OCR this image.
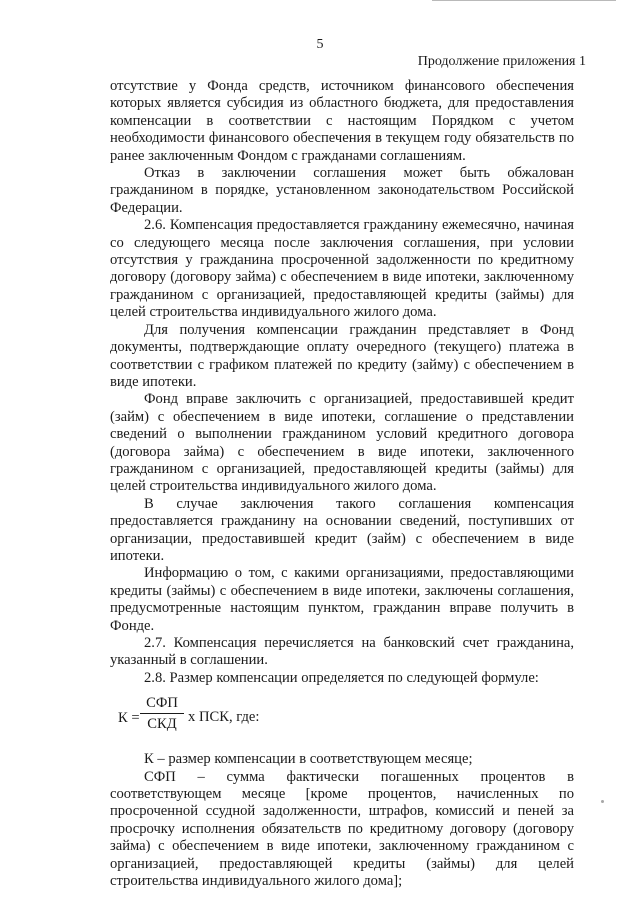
5
Продолжение приложения 1

отсутствие у Фонда средств, источником финансового обеспечения которых является субсидия из областного бюджета, для предоставления компенсации в соответствии с настоящим Порядком с учетом необходимости финансового обеспечения в текущем году обязательств по ранее заключенным Фондом с гражданами соглашениям.

Отказ в заключении соглашения может быть обжалован гражданином в порядке, установленном законодательством Российской Федерации.

2.6. Компенсация предоставляется гражданину ежемесячно, начиная со следующего месяца после заключения соглашения, при условии отсутствия у гражданина просроченной задолженности по кредитному договору (договору займа) с обеспечением в виде ипотеки, заключенному гражданином с организацией, предоставляющей кредиты (займы) для целей строительства индивидуального жилого дома.

Для получения компенсации гражданин представляет в Фонд документы, подтверждающие оплату очередного (текущего) платежа в соответствии с графиком платежей по кредиту (займу) с обеспечением в виде ипотеки.

Фонд вправе заключить с организацией, предоставившей кредит (займ) с обеспечением в виде ипотеки, соглашение о представлении сведений о выполнении гражданином условий кредитного договора (договора займа) с обеспечением в виде ипотеки, заключенного гражданином с организацией, предоставляющей кредиты (займы) для целей строительства индивидуального жилого дома.

В случае заключения такого соглашения компенсация предоставляется гражданину на основании сведений, поступивших от организации, предоставившей кредит (займ) с обеспечением в виде ипотеки.

Информацию о том, с какими организациями, предоставляющими кредиты (займы) с обеспечением в виде ипотеки, заключены соглашения, предусмотренные настоящим пунктом, гражданин вправе получить в Фонде.

2.7. Компенсация перечисляется на банковский счет гражданина, указанный в соглашении.

2.8. Размер компенсации определяется по следующей формуле:

К =
СФП
СКД х ПСК, где:

К – размер компенсации в соответствующем месяце;

СФП – сумма фактически погашенных процентов в соответствующем месяце [кроме процентов, начисленных по просроченной ссудной задолженности, штрафов, комиссий и пеней за просрочку исполнения обязательств по кредитному договору (договору займа) с обеспечением в виде ипотеки, заключенному гражданином с организацией, предоставляющей кредиты (займы) для целей строительства индивидуального жилого дома];
